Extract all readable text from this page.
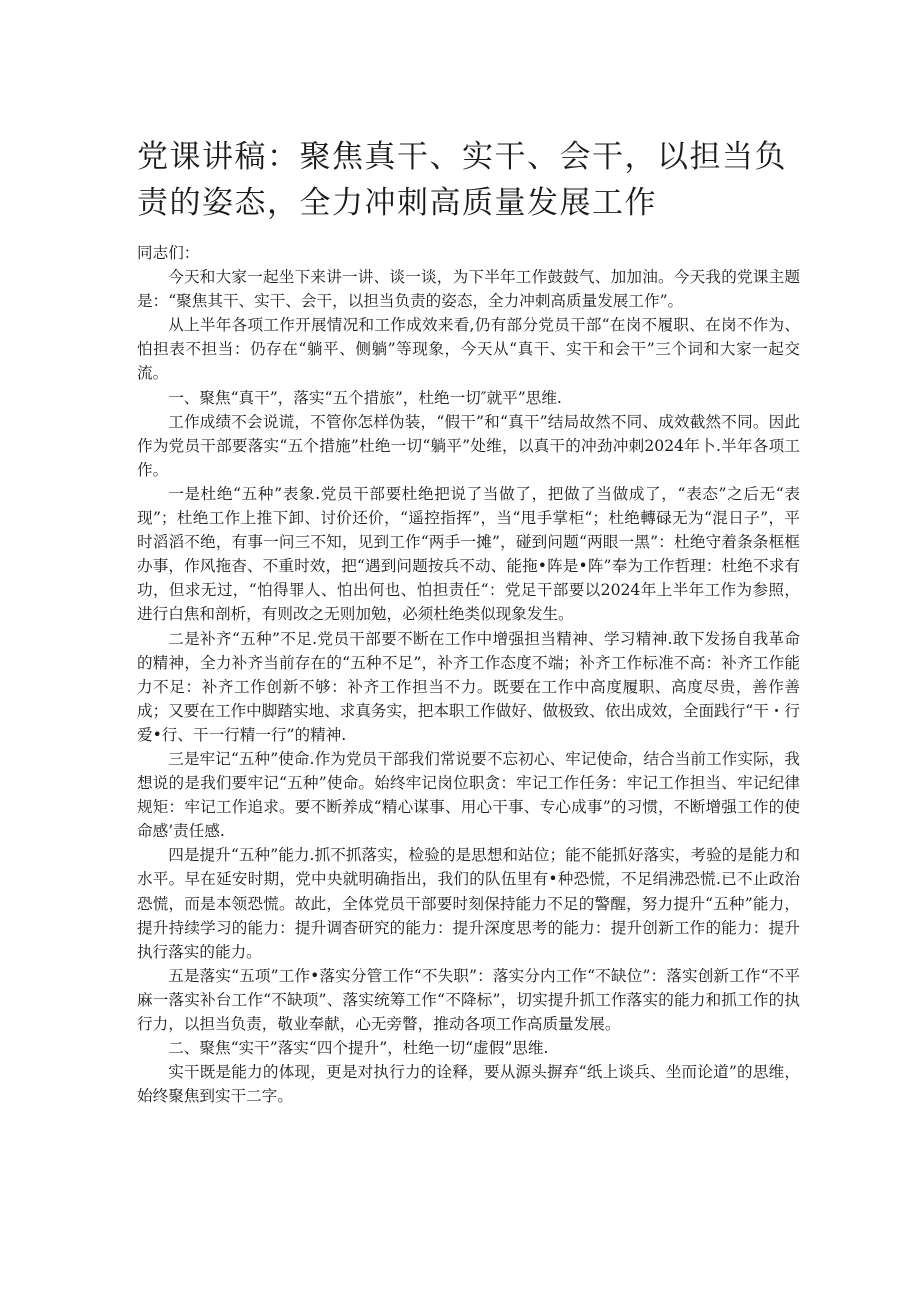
党课讲稿：聚焦真干、实干、会干，以担当负责的姿态，全力冲刺高质量发展工作

同志们：

今天和大家一起坐下来讲一讲、谈一谈，为下半年工作鼓鼓气、加加油。今天我的党课主题是：“聚焦其干、实干、会干，以担当负责的姿态，全力冲刺高质量发展工作”。

从上半年各项工作开展情况和工作成效来看,仍有部分党员干部“在岗不履职、在岗不作为、怕担表不担当：仍存在“躺平、侧躺”等现象，今天从“真干、实干和会干”三个词和大家一起交流。

一、聚焦“真干”，落实“五个措旅”，杜绝一切″就平”思维.

工作成绩不会说谎，不管你怎样伪装，“假干”和“真干”结局故然不同、成效截然不同。因此作为党员干部要落实“五个措施”杜绝一切“躺平”处维，以真干的冲劲冲刺2024年卜.半年各项工作。

一是杜绝“五种”表象.党员干部要杜绝把说了当做了，把做了当做成了，“表态”之后无“表现”；杜绝工作上推下卸、讨价还价，“遥控指挥”，当“甩手掌柜“；杜绝轉碌无为“混日子”，平时滔滔不绝，有事一问三不知，见到工作“两手一摊”，碰到问题“两眼一黑”：杜绝守着条条框框办事，作风拖杳、不重时效，把“遇到问题按兵不动、能拖•阵是•阵”奉为工作哲理：杜绝不求有功，但求无过，“怕得罪人、怕出何也、怕担责任“：党足干部要以2024年上半年工作为参照，进行白焦和剖析，有则改之无则加勉，必须杜绝类似现象发生。

二是补齐“五种”不足.党员干部要不断在工作中增强担当精神、学习精神.敢下发扬自我革命的精神，全力补齐当前存在的“五种不足”，补齐工作态度不端；补齐工作标准不高：补齐工作能力不足：补齐工作创新不够：补齐工作担当不力。既要在工作中高度履职、高度尽贵，善作善成；又要在工作中脚踏实地、求真务实，把本职工作做好、做极致、依出成效，全面践行“干・行爱•行、干一行精一行”的精神.

三是牢记“五种”使命.作为党员干部我们常说要不忘初心、牢记使命，结合当前工作实际，我想说的是我们要牢记“五种”使命。始终牢记岗位职贪：牢记工作任务：牢记工作担当、牢记纪律规矩：牢记工作追求。要不断养成“精心谋事、用心干事、专心成事”的习惯，不断增强工作的使命感’责任感.

四是提升“五种”能力.抓不抓落实，检验的是思想和站位；能不能抓好落实，考验的是能力和水平。早在延安时期，党中央就明确指出，我们的队伍里有•种恐慌，不足绢沸恐慌.已不止政治恐慌，而是本领恐慌。故此，全体党员干部要时刻保持能力不足的警醒，努力提升“五种”能力，提升持续学习的能力：提升调杳研究的能力：提升深度思考的能力：提升创新工作的能力：提升执行落实的能力。

五是落实“五项”工作•落实分管工作“不失职”：落实分内工作“不缺位”：落实创新工作“不平麻一落实补台工作“不缺项”、落实统筹工作“不降标”，切实提升抓工作落实的能力和抓工作的执行力，以担当负责，敬业奉献，心无旁瞥，推动各项工作高质量发展。

二、聚焦“实干”落实“四个提升”，杜绝一切“虚假”思维.

实干既是能力的体现，更是对执行力的诠释，要从源头摒弃“纸上谈兵、坐而论道”的思维，始终聚焦到实干二字。
